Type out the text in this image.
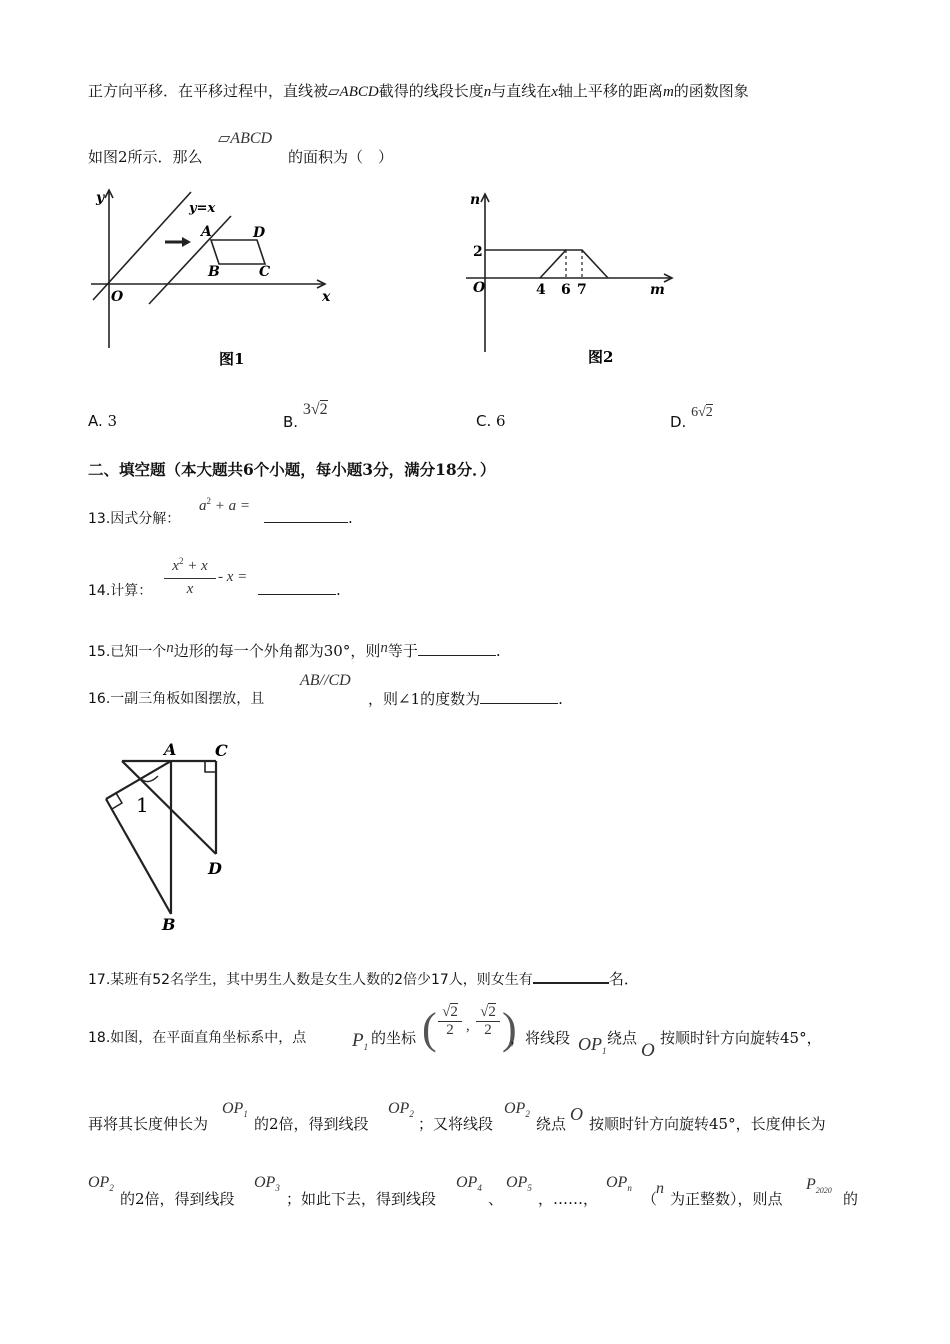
正方向平移．在平移过程中，直线被▱ABCD截得的线段长度n与直线在x轴上平移的距离m的函数图象
如图2所示．那么
▱ABCD
的面积为（　）
y
y=x
A	D
B	C
O	x
图1
n
2
O	4 6 7	m
图2
A. 3	B. 3√2
C. 6	D. 6√2
二、填空题（本大题共6个小题，每小题3分，满分18分．）
13.因式分解：
$a^2 + a$ =
.
14.计算：
$x^2 + x$
x
- x =
.
15.已知一个n边形的每一个外角都为30°，则n等于	.
16.一副三角板如图摆放，且
AB//CD
，则∠1的度数为	.
A C
1
D
B
17.某班有52名学生，其中男生人数是女生人数的2倍少17人，则女生有	名．
18.如图，在平面直角坐标系中，点 $P_1$ 的坐标 ( $\frac{√2}{2}$ , $\frac{√2}{2}$ )
，将线段 $OP_1$
绕点
O
按顺时针方向旋转45°，
再将其长度伸长为
$OP_1$
的2倍，得到线段
$OP_2$
；又将线段
$OP_2$
绕点 O 按顺时针方向旋转45°，长度伸长为
$OP_2$
的2倍，得到线段
$OP_3$
；如此下去，得到线段
$OP_4$
、
$OP_5$
，……，
$OP_n$
（
n
为正整数），则点
$P_{2020}$ 的
